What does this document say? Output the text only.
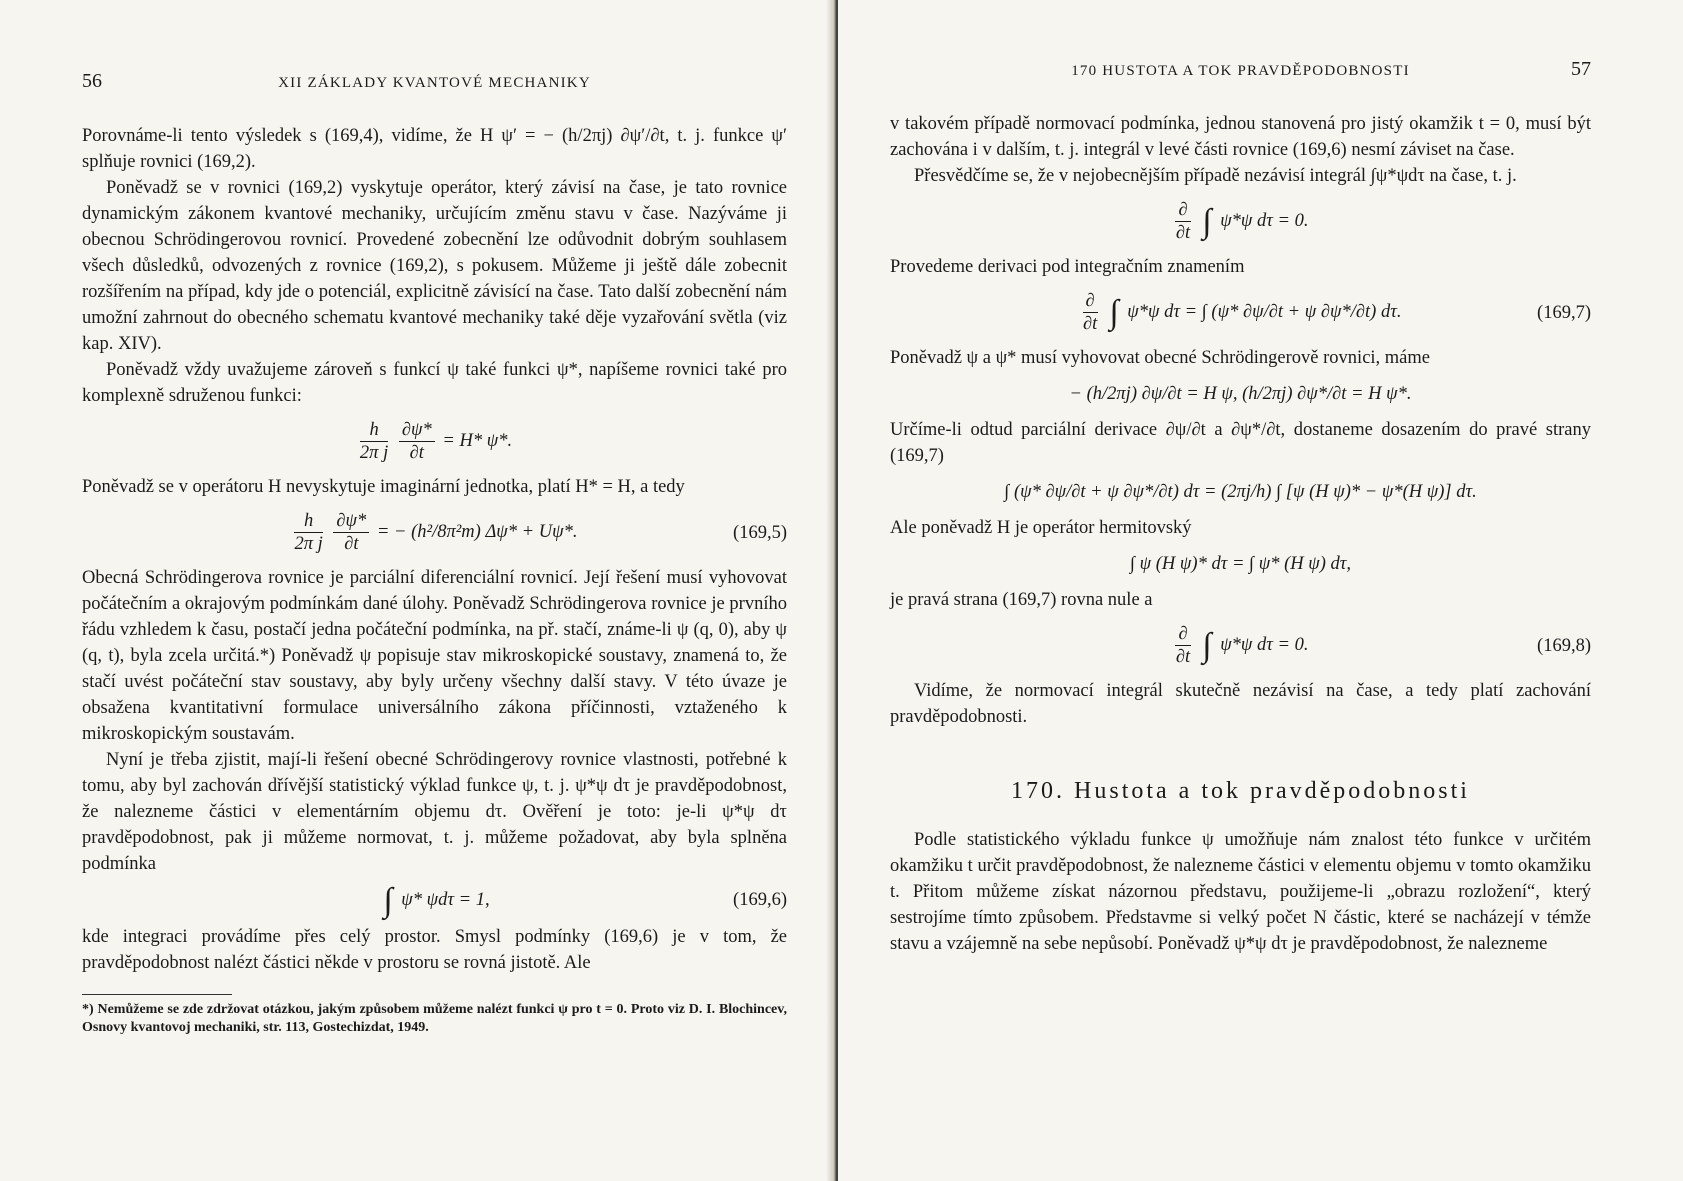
56	XII ZÁKLADY KVANTOVÉ MECHANIKY

Porovnáme-li tento výsledek s (169,4), vidíme, že H ψ′ = − (h/2πj) ∂ψ′/∂t, t. j. funkce ψ′ splňuje rovnici (169,2).

Poněvadž se v rovnici (169,2) vyskytuje operátor, který závisí na čase, je tato rovnice dynamickým zákonem kvantové mechaniky, určujícím změnu stavu v čase. Nazýváme ji obecnou Schrödingerovou rovnicí. Provedené zobecnění lze odůvodnit dobrým souhlasem všech důsledků, odvozených z rovnice (169,2), s pokusem. Můžeme ji ještě dále zobecnit rozšířením na případ, kdy jde o potenciál, explicitně závisící na čase. Tato další zobecnění nám umožní zahrnout do obecného schematu kvantové mechaniky také děje vyzařování světla (viz kap. XIV).

Poněvadž vždy uvažujeme zároveň s funkcí ψ také funkci ψ*, napíšeme rovnici také pro komplexně sdruženou funkci:

$\frac{h}{\text{2π j}}$
$\frac{\partial\psi*}{\partial t} = H*$ ψ*.

Poněvadž se v operátoru H nevyskytuje imaginární jednotka, platí H* = H, a tedy

$\frac{h}{\text{2π j}}$
$\frac{\partial\psi*}{\partial t}$ = − (h²/8π²m) Δψ* + Uψ*.	(169,5)

Obecná Schrödingerova rovnice je parciální diferenciální rovnicí. Její řešení musí vyhovovat počátečním a okrajovým podmínkám dané úlohy. Poněvadž Schrödingerova rovnice je prvního řádu vzhledem k času, postačí jedna počáteční podmínka, na př. stačí, známe-li ψ (q, 0), aby ψ (q, t), byla zcela určitá.*) Poněvadž ψ popisuje stav mikroskopické soustavy, znamená to, že stačí uvést počáteční stav soustavy, aby byly určeny všechny další stavy. V této úvaze je obsažena kvantitativní formulace universálního zákona příčinnosti, vztaženého k mikroskopickým soustavám.

Nyní je třeba zjistit, mají-li řešení obecné Schrödingerovy rovnice vlastnosti, potřebné k tomu, aby byl zachován dřívější statistický výklad funkce ψ, t. j. ψ*ψ dτ je pravděpodobnost, že nalezneme částici v elementárním objemu dτ. Ověření je toto: je-li ψ*ψ dτ pravděpodobnost, pak ji můžeme normovat, t. j. můžeme požadovat, aby byla splněna podmínka

∫ ψ* ψdτ = 1,	(169,6)

kde integraci provádíme přes celý prostor. Smysl podmínky (169,6) je v tom, že pravděpodobnost nalézt částici někde v prostoru se rovná jistotě. Ale

*) Nemůžeme se zde zdržovat otázkou, jakým způsobem můžeme nalézt funkci ψ pro t = 0. Proto viz D. I. Blochincev, Osnovy kvantovoj mechaniki, str. 113, Gostechizdat, 1949.

170 HUSTOTA A TOK PRAVDĚPODOBNOSTI	57

v takovém případě normovací podmínka, jednou stanovená pro jistý okamžik t = 0, musí být zachována i v dalším, t. j. integrál v levé části rovnice (169,6) nesmí záviset na čase.

Přesvědčíme se, že v nejobecnějším případě nezávisí integrál ∫ψ*ψdτ na čase, t. j.

$\frac{\partial}{\partial t}$ ∫ ψ*ψ dτ = 0.

Provedeme derivaci pod integračním znamením

$\frac{\partial}{\partial t}$ ∫ ψ*ψ dτ = ∫ (ψ* ∂ψ/∂t + ψ ∂ψ*/∂t) dτ.	(169,7)

Poněvadž ψ a ψ* musí vyhovovat obecné Schrödingerově rovnici, máme

− (h/2πj) ∂ψ/∂t = H ψ, (h/2πj) ∂ψ*/∂t = H ψ*.

Určíme-li odtud parciální derivace ∂ψ/∂t a ∂ψ*/∂t, dostaneme dosazením do pravé strany (169,7)

∫ (ψ* ∂ψ/∂t + ψ ∂ψ*/∂t) dτ = (2πj/h) ∫ [ψ (H ψ)* − ψ*(H ψ)] dτ.

Ale poněvadž H je operátor hermitovský

∫ ψ (H ψ)* dτ = ∫ ψ* (H ψ) dτ,

je pravá strana (169,7) rovna nule a

$\frac{\partial}{\partial t}$ ∫ ψ*ψ dτ = 0.	(169,8)

Vidíme, že normovací integrál skutečně nezávisí na čase, a tedy platí zachování pravděpodobnosti.

170. Hustota a tok pravděpodobnosti

Podle statistického výkladu funkce ψ umožňuje nám znalost této funkce v určitém okamžiku t určit pravděpodobnost, že nalezneme částici v elementu objemu v tomto okamžiku t. Přitom můžeme získat názornou představu, použijeme-li „obrazu rozložení“, který sestrojíme tímto způsobem. Představme si velký počet N částic, které se nacházejí v témže stavu a vzájemně na sebe nepůsobí. Poněvadž ψ*ψ dτ je pravděpodobnost, že nalezneme
